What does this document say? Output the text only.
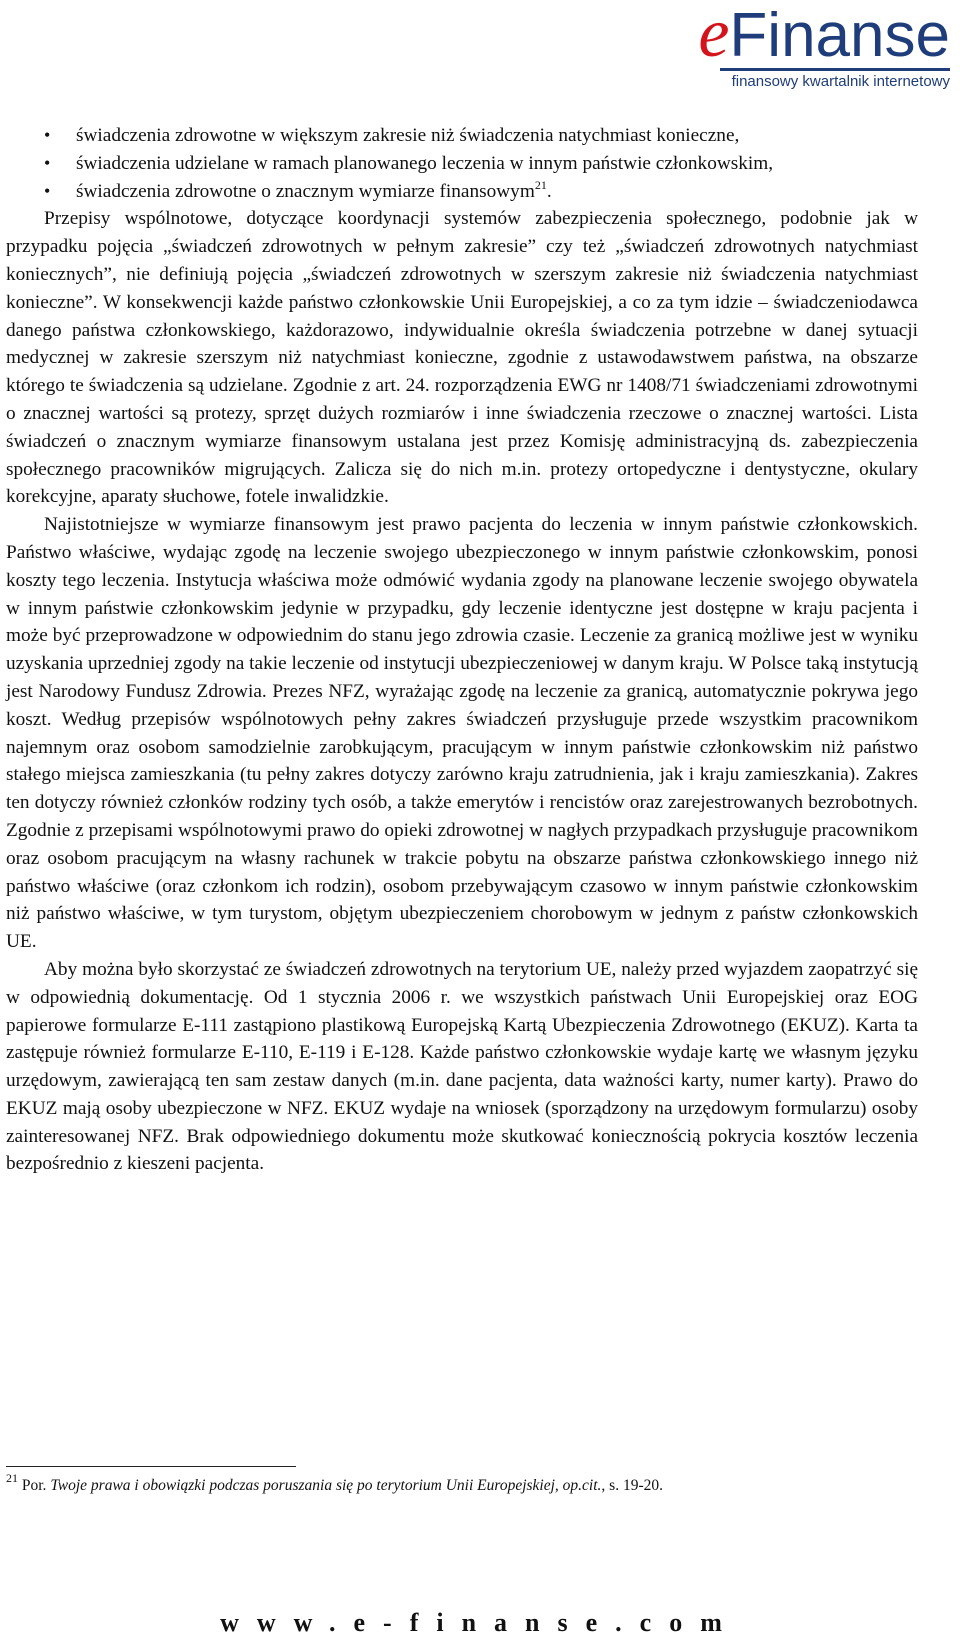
eFinanse
finansowy kwartalnik internetowy
• świadczenia zdrowotne w większym zakresie niż świadczenia natychmiast konieczne,
• świadczenia udzielane w ramach planowanego leczenia w innym państwie członkowskim,
• świadczenia zdrowotne o znacznym wymiarze finansowym$^{21}$.

Przepisy wspólnotowe, dotyczące koordynacji systemów zabezpieczenia społecznego, podobnie jak w przypadku pojęcia „świadczeń zdrowotnych w pełnym zakresie” czy też „świadczeń zdrowotnych natychmiast koniecznych”, nie definiują pojęcia „świadczeń zdrowotnych w szerszym zakresie niż świadczenia natychmiast konieczne”. W konsekwencji każde państwo członkowskie Unii Europejskiej, a co za tym idzie – świadczeniodawca danego państwa członkowskiego, każdorazowo, indywidualnie określa świadczenia potrzebne w danej sytuacji medycznej w zakresie szerszym niż natychmiast konieczne, zgodnie z ustawodawstwem państwa, na obszarze którego te świadczenia są udzielane. Zgodnie z art. 24. rozporządzenia EWG nr 1408/71 świadczeniami zdrowotnymi o znacznej wartości są protezy, sprzęt dużych rozmiarów i inne świadczenia rzeczowe o znacznej wartości. Lista świadczeń o znacznym wymiarze finansowym ustalana jest przez Komisję administracyjną ds. zabezpieczenia społecznego pracowników migrujących. Zalicza się do nich m.in. protezy ortopedyczne i dentystyczne, okulary korekcyjne, aparaty słuchowe, fotele inwalidzkie.

Najistotniejsze w wymiarze finansowym jest prawo pacjenta do leczenia w innym państwie członkowskich. Państwo właściwe, wydając zgodę na leczenie swojego ubezpieczonego w innym państwie członkowskim, ponosi koszty tego leczenia. Instytucja właściwa może odmówić wydania zgody na planowane leczenie swojego obywatela w innym państwie członkowskim jedynie w przypadku, gdy leczenie identyczne jest dostępne w kraju pacjenta i może być przeprowadzone w odpowiednim do stanu jego zdrowia czasie. Leczenie za granicą możliwe jest w wyniku uzyskania uprzedniej zgody na takie leczenie od instytucji ubezpieczeniowej w danym kraju. W Polsce taką instytucją jest Narodowy Fundusz Zdrowia. Prezes NFZ, wyrażając zgodę na leczenie za granicą, automatycznie pokrywa jego koszt. Według przepisów wspólnotowych pełny zakres świadczeń przysługuje przede wszystkim pracownikom najemnym oraz osobom samodzielnie zarobkującym, pracującym w innym państwie członkowskim niż państwo stałego miejsca zamieszkania (tu pełny zakres dotyczy zarówno kraju zatrudnienia, jak i kraju zamieszkania). Zakres ten dotyczy również członków rodziny tych osób, a także emerytów i rencistów oraz zarejestrowanych bezrobotnych. Zgodnie z przepisami wspólnotowymi prawo do opieki zdrowotnej w nagłych przypadkach przysługuje pracownikom oraz osobom pracującym na własny rachunek w trakcie pobytu na obszarze państwa członkowskiego innego niż państwo właściwe (oraz członkom ich rodzin), osobom przebywającym czasowo w innym państwie członkowskim niż państwo właściwe, w tym turystom, objętym ubezpieczeniem chorobowym w jednym z państw członkowskich UE.

Aby można było skorzystać ze świadczeń zdrowotnych na terytorium UE, należy przed wyjazdem zaopatrzyć się w odpowiednią dokumentację. Od 1 stycznia 2006 r. we wszystkich państwach Unii Europejskiej oraz EOG papierowe formularze E-111 zastąpiono plastikową Europejską Kartą Ubezpieczenia Zdrowotnego (EKUZ). Karta ta zastępuje również formularze E-110, E-119 i E-128. Każde państwo członkowskie wydaje kartę we własnym języku urzędowym, zawierającą ten sam zestaw danych (m.in. dane pacjenta, data ważności karty, numer karty). Prawo do EKUZ mają osoby ubezpieczone w NFZ. EKUZ wydaje na wniosek (sporządzony na urzędowym formularzu) osoby zainteresowanej NFZ. Brak odpowiedniego dokumentu może skutkować koniecznością pokrycia kosztów leczenia bezpośrednio z kieszeni pacjenta.

$^{21}$ Por. Twoje prawa i obowiązki podczas poruszania się po terytorium Unii Europejskiej, op.cit., s. 19-20.
www.e-finanse.com
